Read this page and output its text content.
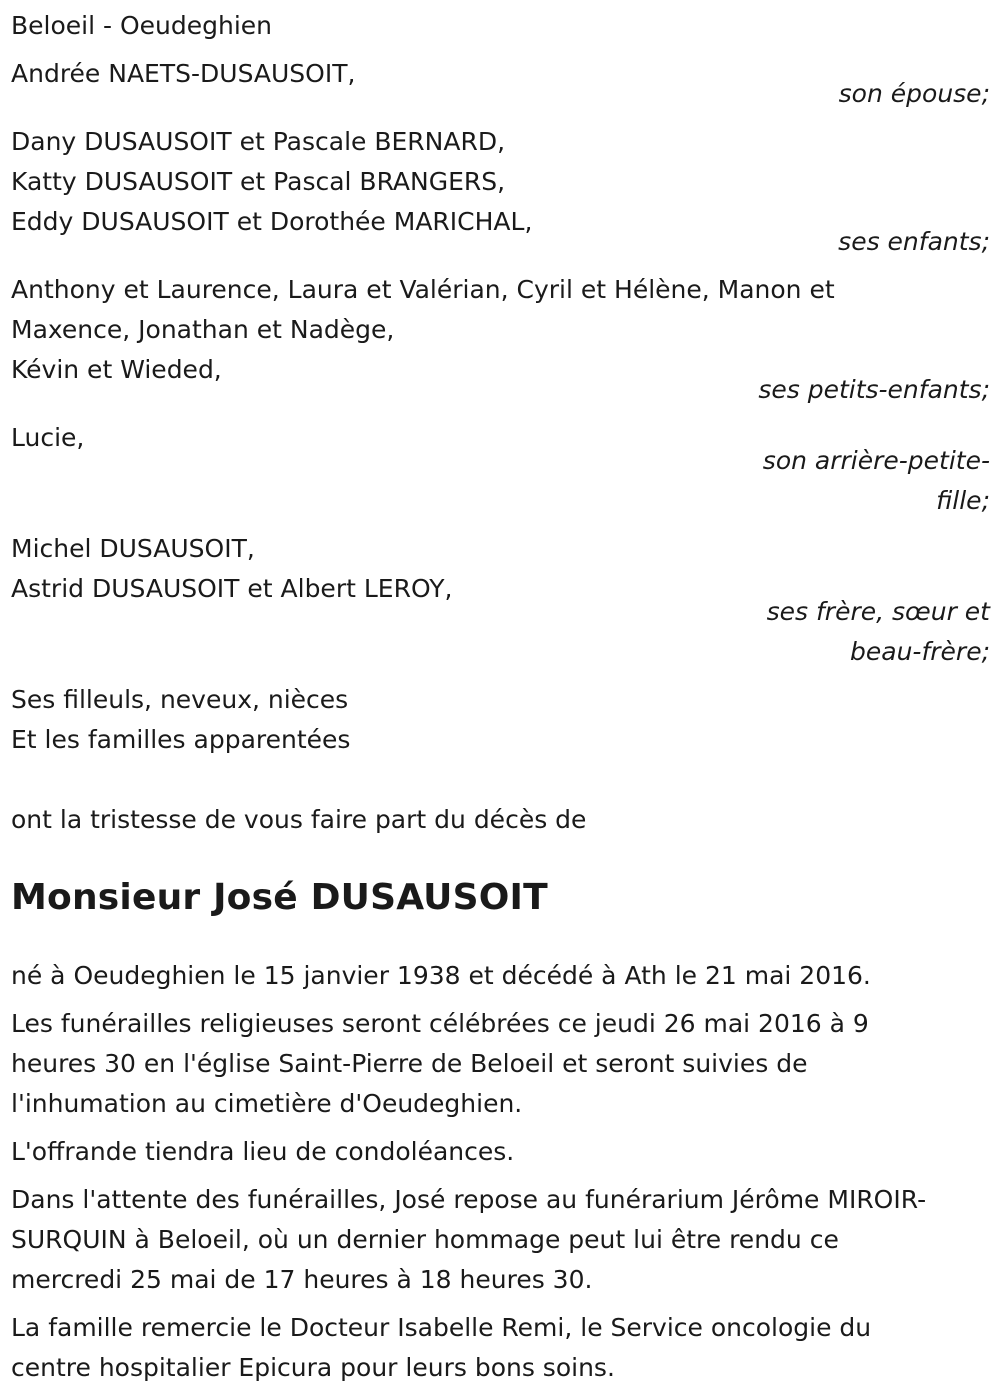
Beloeil - Oeudeghien
Andrée NAETS-DUSAUSOIT,
son épouse;
Dany DUSAUSOIT et Pascale BERNARD,
Katty DUSAUSOIT et Pascal BRANGERS,
Eddy DUSAUSOIT et Dorothée MARICHAL,
ses enfants;
Anthony et Laurence, Laura et Valérian, Cyril et Hélène, Manon et
Maxence, Jonathan et Nadège,
Kévin et Wieded,
ses petits-enfants;
Lucie,
son arrière-petite-
fille;
Michel DUSAUSOIT,
Astrid DUSAUSOIT et Albert LEROY,
ses frère, sœur et
beau-frère;
Ses filleuls, neveux, nièces
Et les familles apparentées
ont la tristesse de vous faire part du décès de
Monsieur José DUSAUSOIT
né à Oeudeghien le 15 janvier 1938 et décédé à Ath le 21 mai 2016.
Les funérailles religieuses seront célébrées ce jeudi 26 mai 2016 à 9
heures 30 en l'église Saint-Pierre de Beloeil et seront suivies de
l'inhumation au cimetière d'Oeudeghien.
L'offrande tiendra lieu de condoléances.
Dans l'attente des funérailles, José repose au funérarium Jérôme MIROIR-
SURQUIN à Beloeil, où un dernier hommage peut lui être rendu ce
mercredi 25 mai de 17 heures à 18 heures 30.
La famille remercie le Docteur Isabelle Remi, le Service oncologie du
centre hospitalier Epicura pour leurs bons soins.
